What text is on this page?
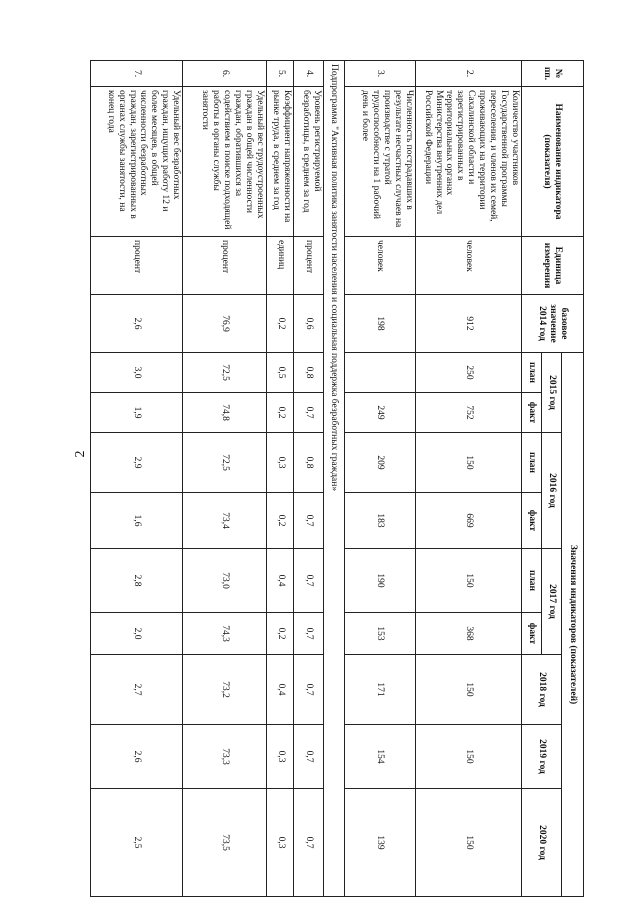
2
№ пп.	Наименование индикатора (показателя)	Единица измерения	базовое значение 2014 год	Значения индикаторов (показателей)								
				2015 год		2016 год		2017 год		2018 год	2019 год	2020 год
				план	факт	план	факт	план	факт			
2.	Количество участников Государственной программы переселения, и членов их семей, проживающих на территории Сахалинской области и зарегистрированных в территориальных органах Министерства внутренних дел Российской Федерации	человек	912	250	752	150	669	150	368	150	150	150
3.	Численность пострадавших в результате несчастных случаев на производстве с утратой трудоспособности на 1 рабочий день и более	человек	198		249	209	183	190	153	171	154	139
Подпрограмма "Активная политика занятости населения и социальная поддержка безработных граждан»												
4.	Уровень регистрируемой безработицы, в среднем за год	процент	0,6	0,8	0,7	0,8	0,7	0,7	0,7	0,7	0,7	0,7
5.	Коэффициент напряженности на рынке труда, в среднем за год	единиц	0,2	0,5	0,2	0,3	0,2	0,4	0,2	0,4	0,3	0,3
6.	Удельный вес трудоустроенных граждан в общей численности граждан, обратившихся за содействием в поиске подходящей работы в органы службы занятости	процент	76,9	72,5	74,8	72,5	73,4	73,0	74,3	73,2	73,3	73,5
7.	Удельный вес безработных граждан, ищущих работу 12 и более месяцев, в общей численности безработных граждан, зарегистрированных в органах службы занятости, на конец года	процент	2,6	3,0	1,9	2,9	1,6	2,8	2,0	2,7	2,6	2,5
